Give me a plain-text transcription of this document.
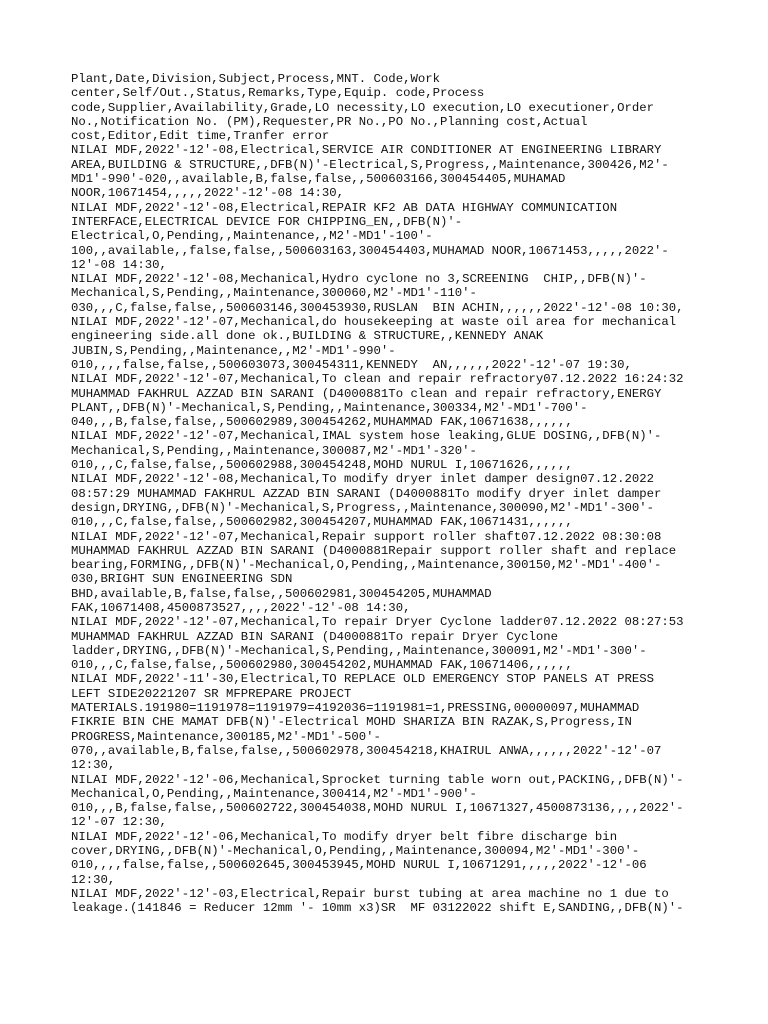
Plant,Date,Division,Subject,Process,MNT. Code,Work
center,Self/Out.,Status,Remarks,Type,Equip. code,Process
code,Supplier,Availability,Grade,LO necessity,LO execution,LO executioner,Order
No.,Notification No. (PM),Requester,PR No.,PO No.,Planning cost,Actual
cost,Editor,Edit time,Tranfer error
NILAI MDF,2022'-12'-08,Electrical,SERVICE AIR CONDITIONER AT ENGINEERING LIBRARY
AREA,BUILDING & STRUCTURE,,DFB(N)'-Electrical,S,Progress,,Maintenance,300426,M2'-
MD1'-990'-020,,available,B,false,false,,500603166,300454405,MUHAMAD
NOOR,10671454,,,,,2022'-12'-08 14:30,
NILAI MDF,2022'-12'-08,Electrical,REPAIR KF2 AB DATA HIGHWAY COMMUNICATION
INTERFACE,ELECTRICAL DEVICE FOR CHIPPING_EN,,DFB(N)'-
Electrical,O,Pending,,Maintenance,,M2'-MD1'-100'-
100,,available,,false,false,,500603163,300454403,MUHAMAD NOOR,10671453,,,,,2022'-
12'-08 14:30,
NILAI MDF,2022'-12'-08,Mechanical,Hydro cyclone no 3,SCREENING  CHIP,,DFB(N)'-
Mechanical,S,Pending,,Maintenance,300060,M2'-MD1'-110'-
030,,,C,false,false,,500603146,300453930,RUSLAN  BIN ACHIN,,,,,,2022'-12'-08 10:30,
NILAI MDF,2022'-12'-07,Mechanical,do housekeeping at waste oil area for mechanical
engineering side.all done ok.,BUILDING & STRUCTURE,,KENNEDY ANAK
JUBIN,S,Pending,,Maintenance,,M2'-MD1'-990'-
010,,,,false,false,,500603073,300454311,KENNEDY  AN,,,,,,2022'-12'-07 19:30,
NILAI MDF,2022'-12'-07,Mechanical,To clean and repair refractory07.12.2022 16:24:32
MUHAMMAD FAKHRUL AZZAD BIN SARANI (D4000881To clean and repair refractory,ENERGY
PLANT,,DFB(N)'-Mechanical,S,Pending,,Maintenance,300334,M2'-MD1'-700'-
040,,,B,false,false,,500602989,300454262,MUHAMMAD FAK,10671638,,,,,,
NILAI MDF,2022'-12'-07,Mechanical,IMAL system hose leaking,GLUE DOSING,,DFB(N)'-
Mechanical,S,Pending,,Maintenance,300087,M2'-MD1'-320'-
010,,,C,false,false,,500602988,300454248,MOHD NURUL I,10671626,,,,,,
NILAI MDF,2022'-12'-08,Mechanical,To modify dryer inlet damper design07.12.2022
08:57:29 MUHAMMAD FAKHRUL AZZAD BIN SARANI (D4000881To modify dryer inlet damper
design,DRYING,,DFB(N)'-Mechanical,S,Progress,,Maintenance,300090,M2'-MD1'-300'-
010,,,C,false,false,,500602982,300454207,MUHAMMAD FAK,10671431,,,,,,
NILAI MDF,2022'-12'-07,Mechanical,Repair support roller shaft07.12.2022 08:30:08
MUHAMMAD FAKHRUL AZZAD BIN SARANI (D4000881Repair support roller shaft and replace
bearing,FORMING,,DFB(N)'-Mechanical,O,Pending,,Maintenance,300150,M2'-MD1'-400'-
030,BRIGHT SUN ENGINEERING SDN
BHD,available,B,false,false,,500602981,300454205,MUHAMMAD
FAK,10671408,4500873527,,,,2022'-12'-08 14:30,
NILAI MDF,2022'-12'-07,Mechanical,To repair Dryer Cyclone ladder07.12.2022 08:27:53
MUHAMMAD FAKHRUL AZZAD BIN SARANI (D4000881To repair Dryer Cyclone
ladder,DRYING,,DFB(N)'-Mechanical,S,Pending,,Maintenance,300091,M2'-MD1'-300'-
010,,,C,false,false,,500602980,300454202,MUHAMMAD FAK,10671406,,,,,,
NILAI MDF,2022'-11'-30,Electrical,TO REPLACE OLD EMERGENCY STOP PANELS AT PRESS
LEFT SIDE20221207 SR MFPREPARE PROJECT
MATERIALS.191980=1191978=1191979=4192036=1191981=1,PRESSING,00000097,MUHAMMAD
FIKRIE BIN CHE MAMAT DFB(N)'-Electrical MOHD SHARIZA BIN RAZAK,S,Progress,IN
PROGRESS,Maintenance,300185,M2'-MD1'-500'-
070,,available,B,false,false,,500602978,300454218,KHAIRUL ANWA,,,,,,2022'-12'-07
12:30,
NILAI MDF,2022'-12'-06,Mechanical,Sprocket turning table worn out,PACKING,,DFB(N)'-
Mechanical,O,Pending,,Maintenance,300414,M2'-MD1'-900'-
010,,,B,false,false,,500602722,300454038,MOHD NURUL I,10671327,4500873136,,,,2022'-
12'-07 12:30,
NILAI MDF,2022'-12'-06,Mechanical,To modify dryer belt fibre discharge bin
cover,DRYING,,DFB(N)'-Mechanical,O,Pending,,Maintenance,300094,M2'-MD1'-300'-
010,,,,false,false,,500602645,300453945,MOHD NURUL I,10671291,,,,,2022'-12'-06
12:30,
NILAI MDF,2022'-12'-03,Electrical,Repair burst tubing at area machine no 1 due to
leakage.(141846 = Reducer 12mm '- 10mm x3)SR  MF 03122022 shift E,SANDING,,DFB(N)'-
